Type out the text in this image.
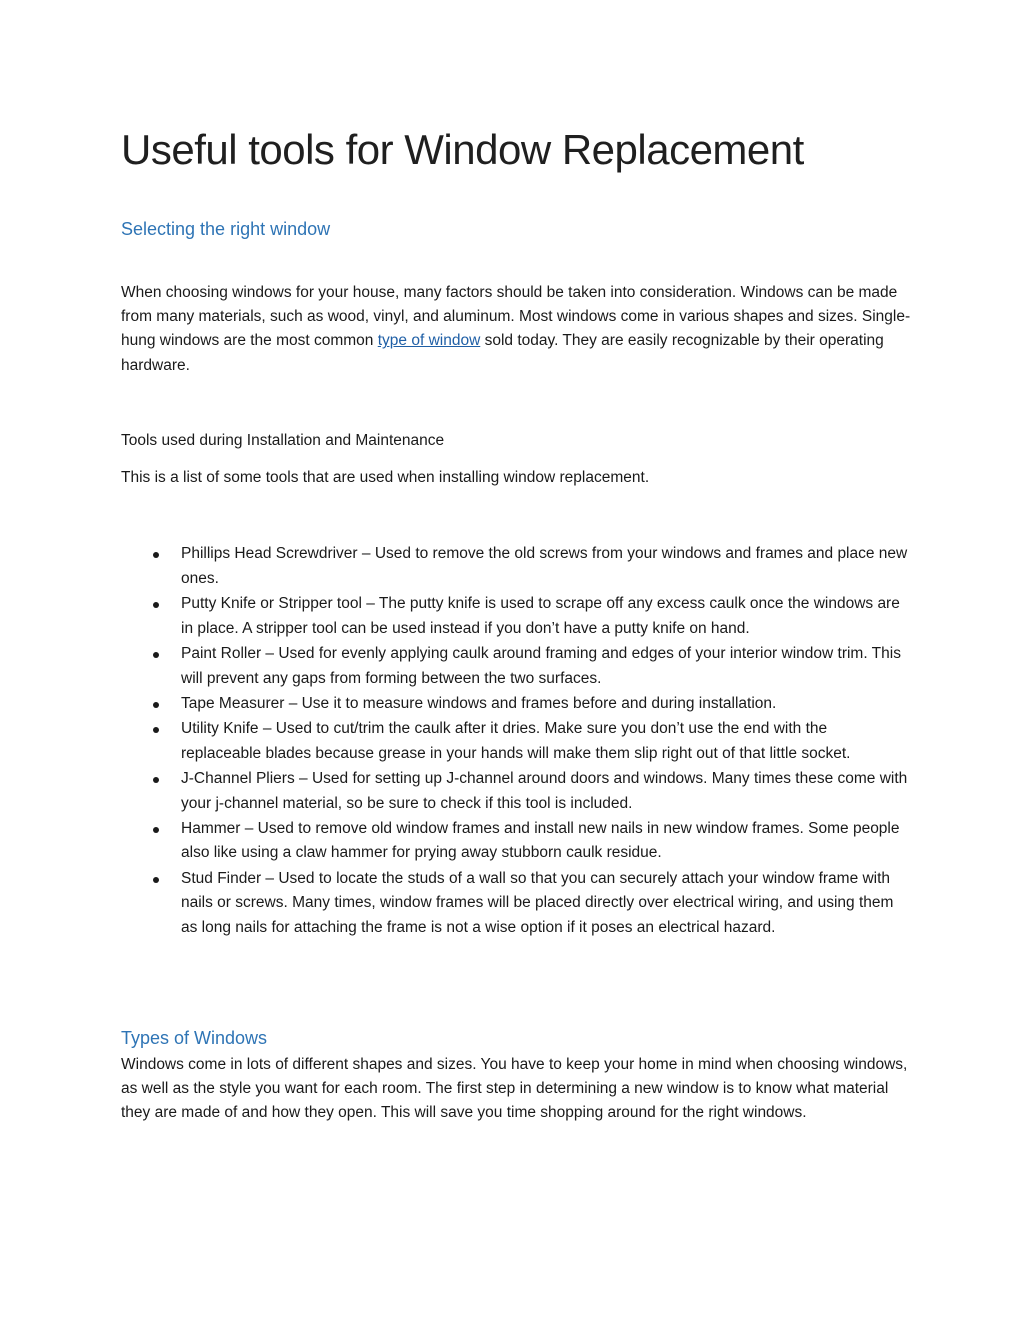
Useful tools for Window Replacement
Selecting the right window

When choosing windows for your house, many factors should be taken into consideration. Windows can be made from many materials, such as wood, vinyl, and aluminum. Most windows come in various shapes and sizes. Single-hung windows are the most common type of window sold today. They are easily recognizable by their operating hardware.

Tools used during Installation and Maintenance

This is a list of some tools that are used when installing window replacement.

Phillips Head Screwdriver – Used to remove the old screws from your windows and frames and place new ones.
Putty Knife or Stripper tool – The putty knife is used to scrape off any excess caulk once the windows are in place. A stripper tool can be used instead if you don’t have a putty knife on hand.
Paint Roller – Used for evenly applying caulk around framing and edges of your interior window trim. This will prevent any gaps from forming between the two surfaces.
Tape Measurer – Use it to measure windows and frames before and during installation.
Utility Knife – Used to cut/trim the caulk after it dries. Make sure you don’t use the end with the replaceable blades because grease in your hands will make them slip right out of that little socket.
J-Channel Pliers – Used for setting up J-channel around doors and windows. Many times these come with your j-channel material, so be sure to check if this tool is included.
Hammer – Used to remove old window frames and install new nails in new window frames. Some people also like using a claw hammer for prying away stubborn caulk residue.
Stud Finder – Used to locate the studs of a wall so that you can securely attach your window frame with nails or screws. Many times, window frames will be placed directly over electrical wiring, and using them as long nails for attaching the frame is not a wise option if it poses an electrical hazard.
Types of Windows

Windows come in lots of different shapes and sizes. You have to keep your home in mind when choosing windows, as well as the style you want for each room. The first step in determining a new window is to know what material they are made of and how they open. This will save you time shopping around for the right windows.
